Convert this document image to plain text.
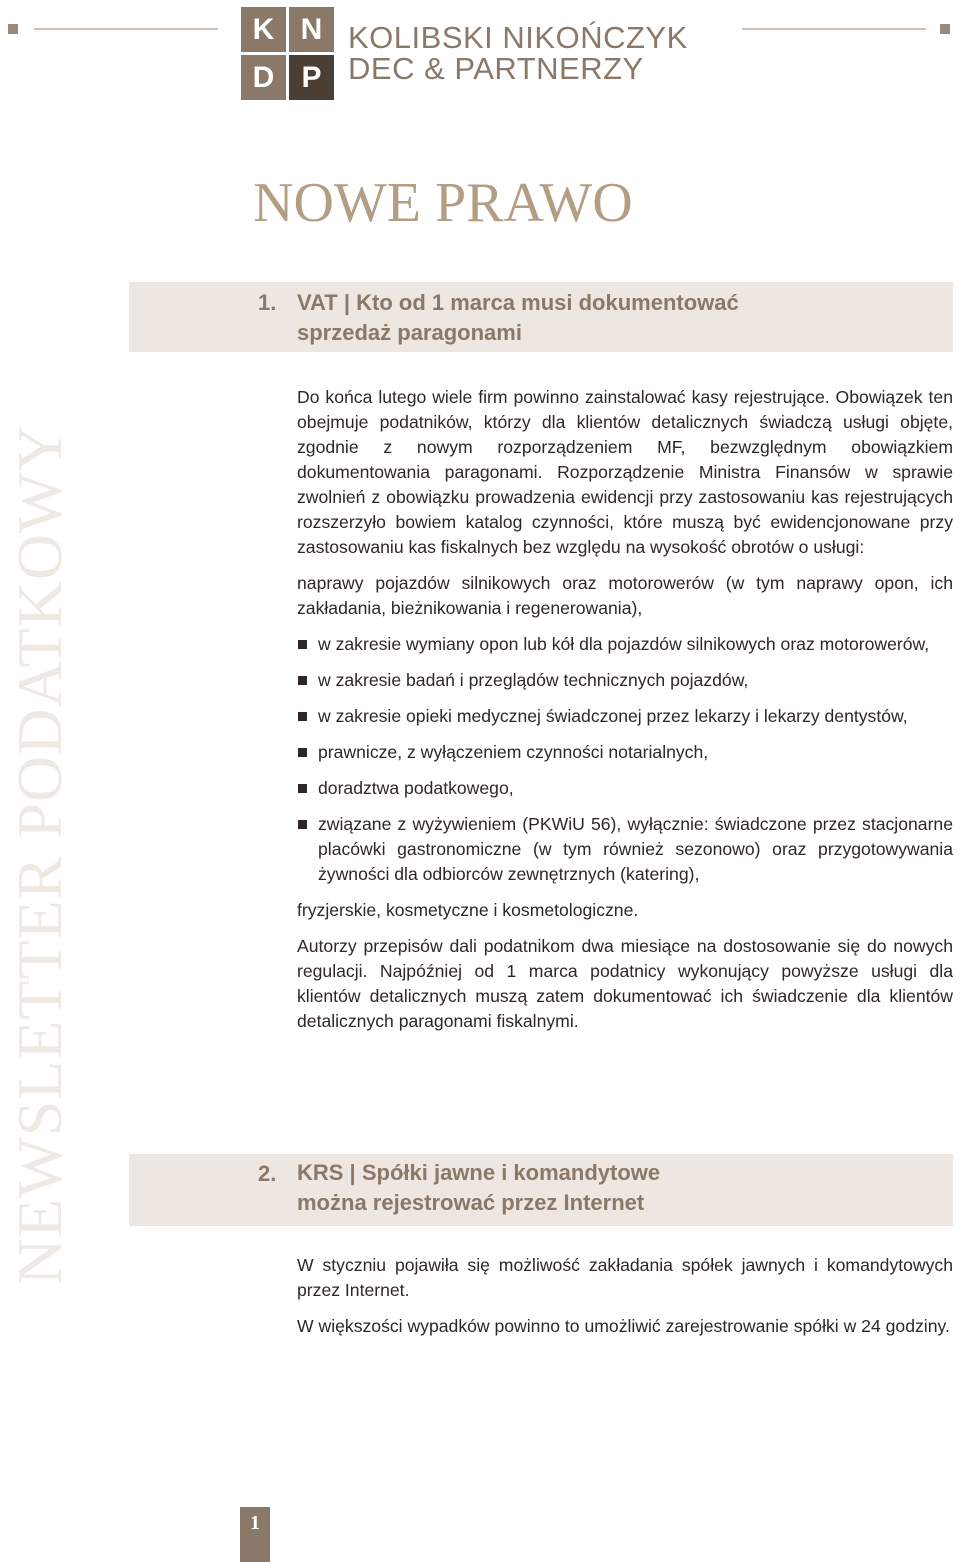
K N
D P
KOLIBSKI NIKOŃCZYK
DEC & PARTNERZY
NEWSLETTER PODATKOWY
NOWE PRAWO
1. VAT | Kto od 1 marca musi dokumentować
sprzedaż paragonami

Do końca lutego wiele firm powinno zainstalować kasy rejestrujące. Obowiązek ten obejmuje podatników, którzy dla klientów detalicznych świadczą usługi objęte, zgodnie z nowym rozporządzeniem MF, bezwzględnym obowiązkiem dokumentowania paragonami. Rozporządzenie Ministra Finansów w sprawie zwolnień z obowiązku prowadzenia ewidencji przy zastosowaniu kas rejestrujących rozszerzyło bowiem katalog czynności, które muszą być ewidencjonowane przy zastosowaniu kas fiskalnych bez względu na wysokość obrotów o usługi:

naprawy pojazdów silnikowych oraz motorowerów (w tym naprawy opon, ich zakładania, bieżnikowania i regenerowania),

w zakresie wymiany opon lub kół dla pojazdów silnikowych oraz motorowerów,
w zakresie badań i przeglądów technicznych pojazdów,
w zakresie opieki medycznej świadczonej przez lekarzy i lekarzy dentystów,
prawnicze, z wyłączeniem czynności notarialnych,
doradztwa podatkowego,
związane z wyżywieniem (PKWiU 56), wyłącznie: świadczone przez stacjonarne placówki gastronomiczne (w tym również sezonowo) oraz przygotowywania żywności dla odbiorców zewnętrznych (katering),

fryzjerskie, kosmetyczne i kosmetologiczne.

Autorzy przepisów dali podatnikom dwa miesiące na dostosowanie się do nowych regulacji. Najpóźniej od 1 marca podatnicy wykonujący powyższe usługi dla klientów detalicznych muszą zatem dokumentować ich świadczenie dla klientów detalicznych paragonami fiskalnymi.

2. KRS | Spółki jawne i komandytowe
można rejestrować przez Internet

W styczniu pojawiła się możliwość zakładania spółek jawnych i komandytowych przez Internet.

W większości wypadków powinno to umożliwić zarejestrowanie spółki w 24 godziny.

1
